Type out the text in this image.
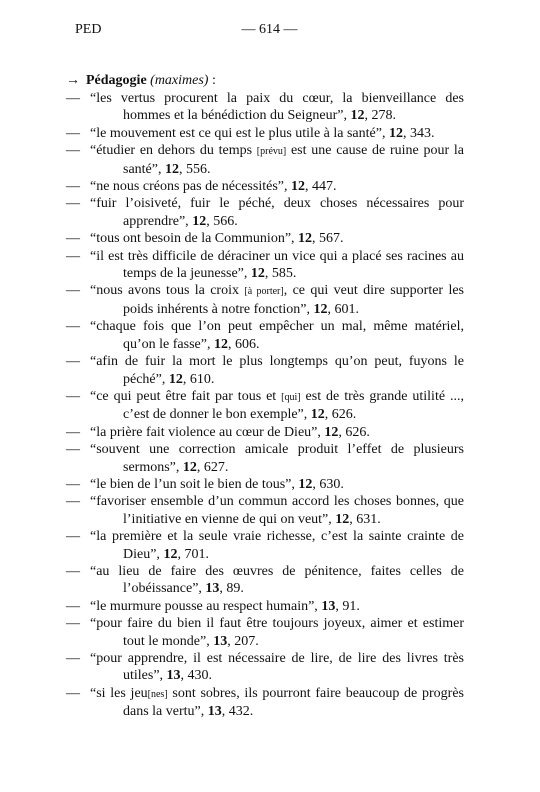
PED	— 614 —
→ Pédagogie (maximes) :
— “les vertus procurent la paix du cœur, la bienveillance des hommes et la bénédiction du Seigneur”, 12, 278.
— “le mouvement est ce qui est le plus utile à la santé”, 12, 343.
— “étudier en dehors du temps [prévu] est une cause de ruine pour la santé”, 12, 556.
— “ne nous créons pas de nécessités”, 12, 447.
— “fuir l’oisiveté, fuir le péché, deux choses nécessaires pour apprendre”, 12, 566.
— “tous ont besoin de la Communion”, 12, 567.
— “il est très difficile de déraciner un vice qui a placé ses racines au temps de la jeunesse”, 12, 585.
— “nous avons tous la croix [à porter], ce qui veut dire supporter les poids inhérents à notre fonction”, 12, 601.
— “chaque fois que l’on peut empêcher un mal, même matériel, qu’on le fasse”, 12, 606.
— “afin de fuir la mort le plus longtemps qu’on peut, fuyons le péché”, 12, 610.
— “ce qui peut être fait par tous et [qui] est de très grande utilité ..., c’est de donner le bon exemple”, 12, 626.
— “la prière fait violence au cœur de Dieu”, 12, 626.
— “souvent une correction amicale produit l’effet de plusieurs sermons”, 12, 627.
— “le bien de l’un soit le bien de tous”, 12, 630.
— “favoriser ensemble d’un commun accord les choses bonnes, que l’initiative en vienne de qui on veut”, 12, 631.
— “la première et la seule vraie richesse, c’est la sainte crainte de Dieu”, 12, 701.
— “au lieu de faire des œuvres de pénitence, faites celles de l’obéissance”, 13, 89.
— “le murmure pousse au respect humain”, 13, 91.
— “pour faire du bien il faut être toujours joyeux, aimer et estimer tout le monde”, 13, 207.
— “pour apprendre, il est nécessaire de lire, de lire des livres très utiles”, 13, 430.
— “si les jeu[nes] sont sobres, ils pourront faire beaucoup de progrès dans la vertu”, 13, 432.
